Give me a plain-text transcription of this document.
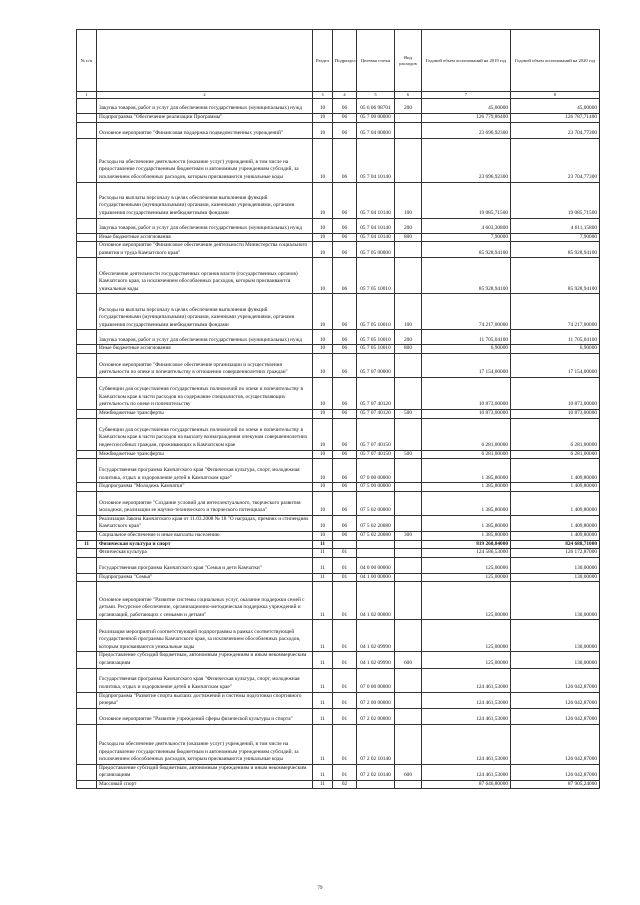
№ п/п		Раздел	Подраздел	Целевая статья	Вид расходов	Годовой объем ассигнований на 2019 год	Годовой объем ассигнований на 2020 год
1	2	3	4	5	6	7	8
	Закупка товаров, работ и услуг для обеспечения государственных (муниципальных) нужд	10	06	05 6 06 98701	200	45,00000	45,00000
	Подпрограмма "Обеспечение реализации Программы"	10	06	05 7 00 00000		126 779,86400	126 787,71400
	Основное мероприятие "Финансовая поддержка подведомственных учреждений"	10	06	05 7 04 00000		23 696,92300	23 704,77300
	Расходы на обеспечение деятельности (оказание услуг) учреждений, в том числе на предоставление государственным бюджетным и автономным учреждениям субсидий, за исключением обособленных расходов, которым присваиваются уникальные коды	10	06	05 7 04 10140		23 696,92300	23 704,77300
	Расходы на выплаты персоналу в целях обеспечения выполнения функций государственными (муниципальными) органами, казенными учреждениями, органами управления государственными внебюджетными фондами	10	06	05 7 04 10140	100	19 085,71500	19 085,71500
	Закупка товаров, работ и услуг для обеспечения государственных (муниципальных) нужд	10	06	05 7 04 10140	200	4 603,30800	4 611,15800
	Иные бюджетные ассигнования	10	06	05 7 04 10140	800	7,90000	7,90000
	Основное мероприятие "Финансовое обеспечение деятельности Министерства социального развития и труда Камчатского края"	10	06	05 7 05 00000		85 928,94100	85 928,94100
	Обеспечение деятельности государственных органов власти (государственных органов) Камчатского края, за исключением обособленных расходов, которым присваиваются уникальные коды	10	06	05 7 05 10010		85 928,94100	85 928,94100
	Расходы на выплаты персоналу в целях обеспечения выполнения функций государственными (муниципальными) органами, казенными учреждениями, органами управления государственными внебюджетными фондами	10	06	05 7 05 10010	100	74 217,00000	74 217,00000
	Закупка товаров, работ и услуг для обеспечения государственных (муниципальных) нужд	10	06	05 7 05 10010	200	11 705,04100	11 705,04100
	Иные бюджетные ассигнования	10	06	05 7 05 10010	800	6,90000	6,90000
	Основное мероприятие "Финансовое обеспечение организации и осуществления деятельности по опеке и попечительству в отношении совершеннолетних граждан"	10	06	05 7 07 00000		17 154,00000	17 154,00000
	Субвенции для осуществления государственных полномочий по опеке и попечительству в Камчатском крае в части расходов на содержание специалистов, осуществляющих деятельность по опеке и попечительству	10	06	05 7 07 40120		10 873,00000	10 873,00000
	Межбюджетные трансферты	10	06	05 7 07 40120	500	10 873,00000	10 873,00000
	Субвенции для осуществления государственных полномочий по опеке и попечительству в Камчатском крае в части расходов на выплату вознаграждения опекунам совершеннолетних недееспособных граждан, проживающих в Камчатском крае	10	06	05 7 07 40150		6 281,00000	6 281,00000
	Межбюджетные трансферты	10	06	05 7 07 40150	500	6 281,00000	6 281,00000
	Государственная программа Камчатского края "Физическая культура, спорт, молодежная политика, отдых и оздоровление детей в Камчатском крае"	10	06	07 0 00 00000		1 385,80000	1 409,80000
	Подпрограмма "Молодежь Камчатки"	10	06	07 5 00 00000		1 385,80000	1 409,80000
	Основное мероприятие "Создание условий для интеллектуального, творческого развития молодежи, реализации ее научно-технического и творческого потенциала"	10	06	07 5 02 00000		1 385,80000	1 409,80000
	Реализация Закона Камчатского края от 11.03.2008 № 18 "О наградах, премиях и стипендиях Камчатского края"	10	06	07 5 02 20080		1 385,80000	1 409,80000
	Социальное обеспечение и иные выплаты населению	10	06	07 5 02 20080	300	1 385,80000	1 409,80000
11	Физическая культура и спорт	11				819 260,84000	824 688,71000
	Физическая культура	11	01			124 586,53000	126 172,87000
	Государственная программа Камчатского края "Семья и дети Камчатки"	11	01	04 0 00 00000		125,00000	130,00000
	Подпрограмма "Семья"	11	01	04 1 00 00000		125,00000	130,00000
	Основное мероприятие "Развитие системы социальных услуг, оказание поддержки семей с детьми. Ресурсное обеспечение, организационно-методическая поддержка учреждений и организаций, работающих с семьями и детьми"	11	01	04 1 02 00000		125,00000	130,00000
	Реализация мероприятий соответствующей подпрограммы в рамках соответствующей государственной программы Камчатского края, за исключением обособленных расходов, которым присваиваются уникальные коды	11	01	04 1 02 09990		125,00000	130,00000
	Предоставление субсидий бюджетным, автономным учреждениям и иным некоммерческим организациям	11	01	04 1 02 09990	600	125,00000	130,00000
	Государственная программа Камчатского края "Физическая культура, спорт, молодежная политика, отдых и оздоровление детей в Камчатском крае"	11	01	07 0 00 00000		124 461,53000	126 042,87000
	Подпрограмма "Развитие спорта высших достижений и системы подготовки спортивного резерва"	11	01	07 2 00 00000		124 461,53000	126 042,87000
	Основное мероприятие "Развитие учреждений сферы физической культуры и спорта"	11	01	07 2 02 00000		124 461,53000	126 042,87000
	Расходы на обеспечение деятельности (оказание услуг) учреждений, в том числе на предоставление государственным бюджетным и автономным учреждениям субсидий, за исключением обособленных расходов, которым присваиваются уникальные коды	11	01	07 2 02 10140		124 461,53000	126 042,87000
	Предоставление субсидий бюджетным, автономным учреждениям и иным некоммерческим организациям	11	01	07 2 02 10140	600	124 461,53000	126 042,87000
	Массовый спорт	11	02			87 646,80000	87 905,24000
79
